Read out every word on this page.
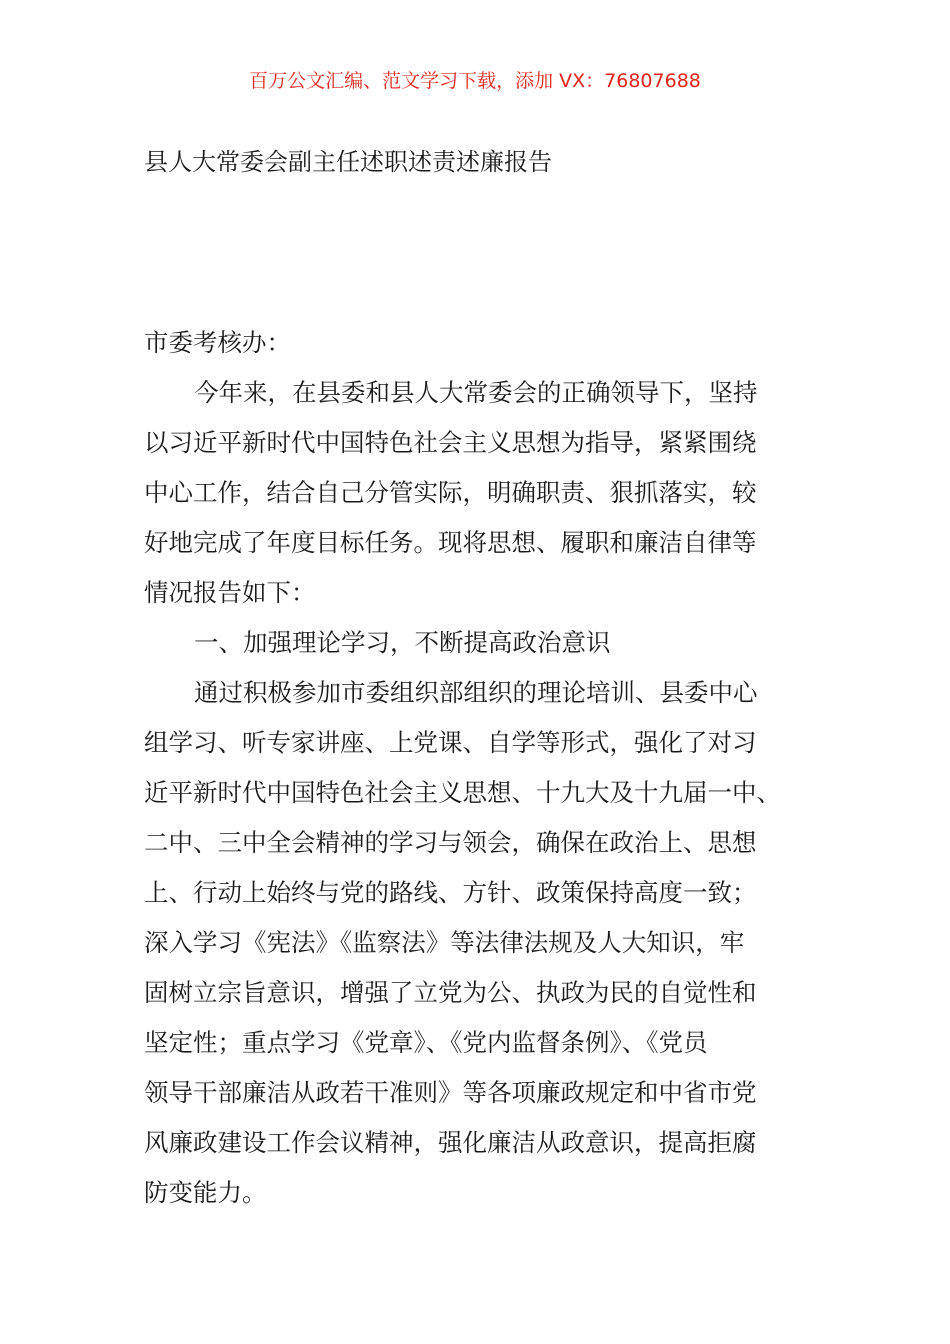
百万公文汇编、范文学习下载，添加 VX：76807688
县人大常委会副主任述职述责述廉报告
市委考核办：
今年来，在县委和县人大常委会的正确领导下，坚持
以习近平新时代中国特色社会主义思想为指导，紧紧围绕
中心工作，结合自己分管实际，明确职责、狠抓落实，较
好地完成了年度目标任务。现将思想、履职和廉洁自律等
情况报告如下：
一、加强理论学习，不断提高政治意识
通过积极参加市委组织部组织的理论培训、县委中心
组学习、听专家讲座、上党课、自学等形式，强化了对习
近平新时代中国特色社会主义思想、十九大及十九届一中、
二中、三中全会精神的学习与领会，确保在政治上、思想
上、行动上始终与党的路线、方针、政策保持高度一致；
深入学习《宪法》《监察法》等法律法规及人大知识，牢
固树立宗旨意识，增强了立党为公、执政为民的自觉性和
坚定性；重点学习《党章》、《党内监督条例》、《党员
领导干部廉洁从政若干准则》等各项廉政规定和中省市党
风廉政建设工作会议精神，强化廉洁从政意识，提高拒腐
防变能力。
